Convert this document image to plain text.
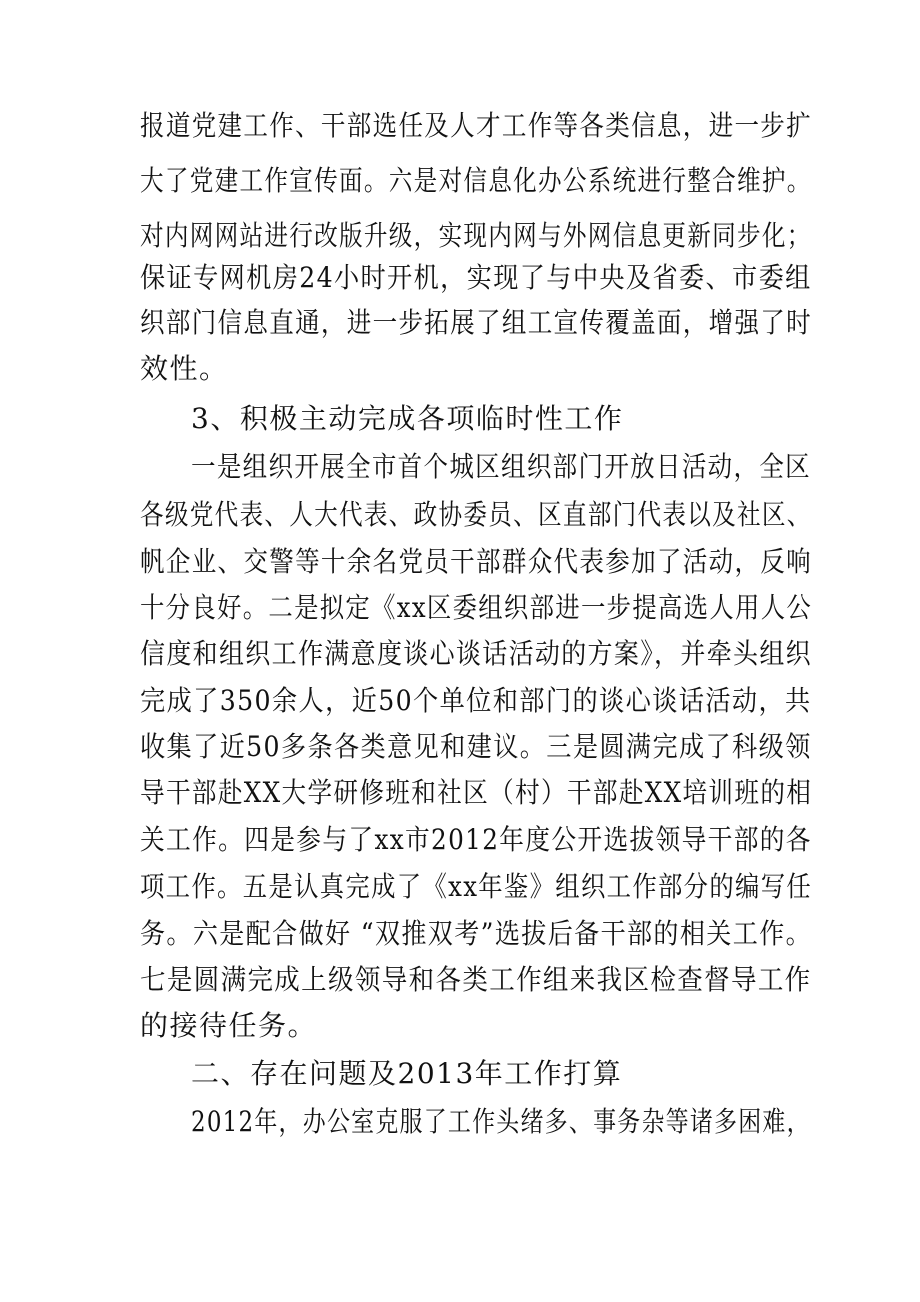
报道党建工作、干部选任及人才工作等各类信息，进一步扩
大了党建工作宣传面。六是对信息化办公系统进行整合维护。
对内网网站进行改版升级，实现内网与外网信息更新同步化；
保证专网机房24小时开机，实现了与中央及省委、市委组
织部门信息直通，进一步拓展了组工宣传覆盖面，增强了时
效性。
3、积极主动完成各项临时性工作
一是组织开展全市首个城区组织部门开放日活动，全区
各级党代表、人大代表、政协委员、区直部门代表以及社区、
帆企业、交警等十余名党员干部群众代表参加了活动，反响
十分良好。二是拟定《xx区委组织部进一步提高选人用人公
信度和组织工作满意度谈心谈话活动的方案》，并牵头组织
完成了350余人，近50个单位和部门的谈心谈话活动，共
收集了近50多条各类意见和建议。三是圆满完成了科级领
导干部赴XX大学研修班和社区（村）干部赴XX培训班的相
关工作。四是参与了xx市2012年度公开选拔领导干部的各
项工作。五是认真完成了《xx年鉴》组织工作部分的编写任
务。六是配合做好 “双推双考”选拔后备干部的相关工作。
七是圆满完成上级领导和各类工作组来我区检查督导工作
的接待任务。
二、存在问题及2013年工作打算
2012年，办公室克服了工作头绪多、事务杂等诸多困难，
